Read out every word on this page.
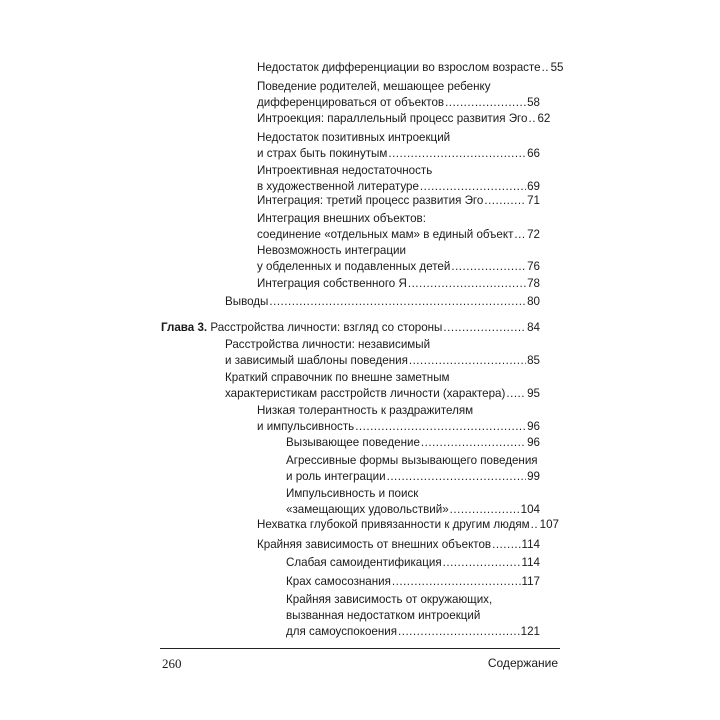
Недостаток дифференциации во взрослом возрасте ..... 55
Поведение родителей, мешающее ребенку
дифференцироваться от объектов .....	58
Интроекция: параллельный процесс развития Эго ..... 62
Недостаток позитивных интроекций
и страх быть покинутым .....	66
Интроективная недостаточность
в художественной литературе .....	69
Интеграция: третий процесс развития Эго .....	71
Интеграция внешних объектов:
соединение «отдельных мам» в единый объект ..... 72
Невозможность интеграции
у обделенных и подавленных детей .....	76
Интеграция собственного Я .....	78
Выводы .....	80
Глава 3.
Расстройства личности: взгляд со стороны .....	84
Расстройства личности: независимый
и зависимый шаблоны поведения .....	85
Краткий справочник по внешне заметным
характеристикам расстройств личности (характера) ..... 95
Низкая толерантность к раздражителям
и импульсивность .....	96
Вызывающее поведение .....	96
Агрессивные формы вызывающего поведения
и роль интеграции .....	99
Импульсивность и поиск
«замещающих удовольствий» .....	104
Нехватка глубокой привязанности к другим людям ..... 107
Крайняя зависимость от внешних объектов .....	114
Слабая самоидентификация .....	114
Крах самосознания .....	117
Крайняя зависимость от окружающих,
вызванная недостатком интроекций
для самоуспокоения .....	121
260	Содержание
